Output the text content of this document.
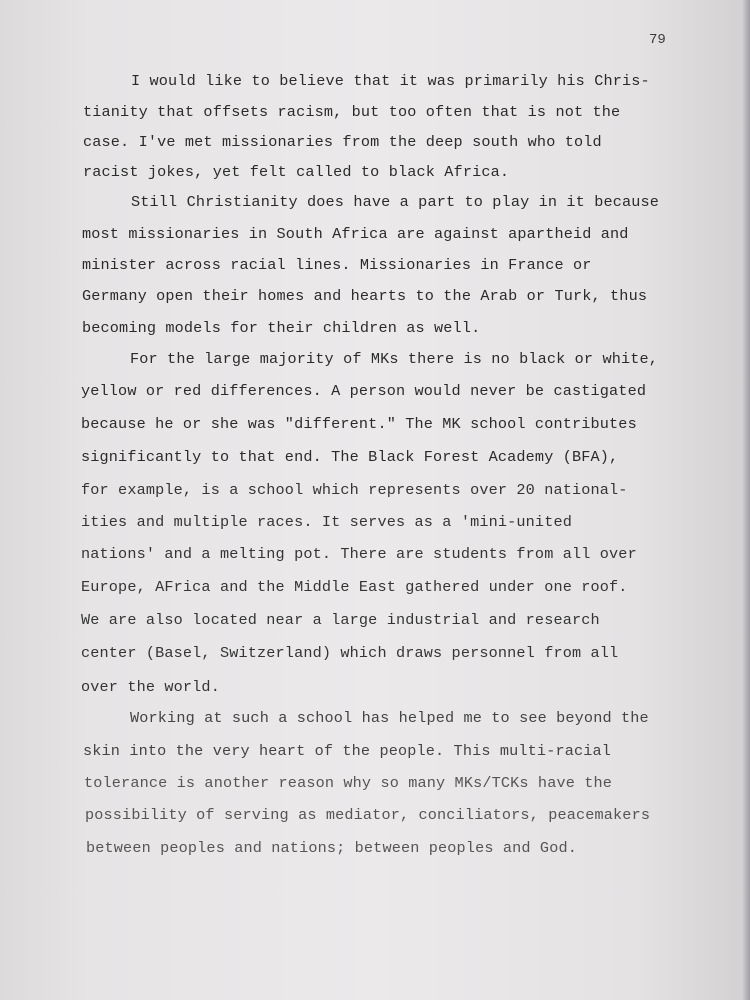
79
I would like to believe that it was primarily his Chris-
tianity that offsets racism, but too often that is not the
case. I've met missionaries from the deep south who told
racist jokes, yet felt called to black Africa.
Still Christianity does have a part to play in it because
most missionaries in South Africa are against apartheid and
minister across racial lines. Missionaries in France or
Germany open their homes and hearts to the Arab or Turk, thus
becoming models for their children as well.
For the large majority of MKs there is no black or white,
yellow or red differences. A person would never be castigated
because he or she was "different." The MK school contributes
significantly to that end. The Black Forest Academy (BFA),
for example, is a school which represents over 20 national-
ities and multiple races. It serves as a 'mini-united
nations' and a melting pot. There are students from all over
Europe, AFrica and the Middle East gathered under one roof.
We are also located near a large industrial and research
center (Basel, Switzerland) which draws personnel from all
over the world.
Working at such a school has helped me to see beyond the
skin into the very heart of the people. This multi-racial
tolerance is another reason why so many MKs/TCKs have the
possibility of serving as mediator, conciliators, peacemakers
between peoples and nations; between peoples and God.
